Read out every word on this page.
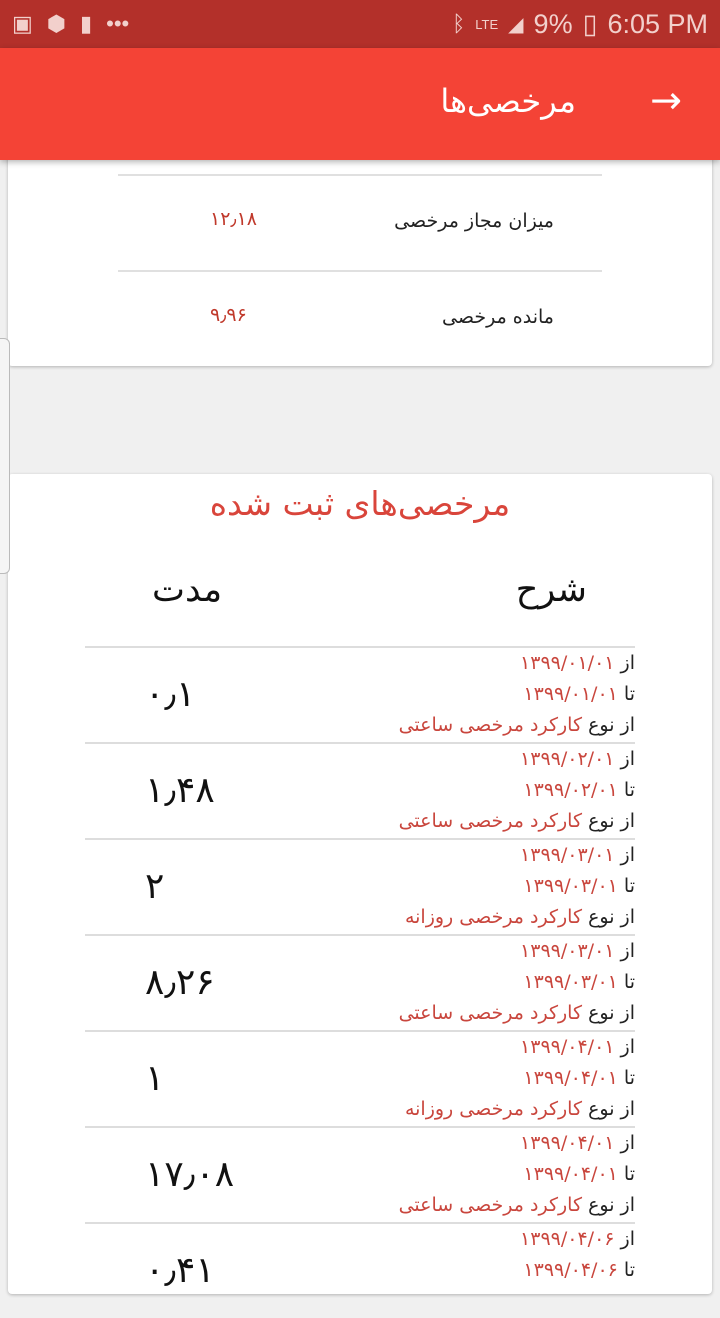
▣ ⬢ ▮ •••	ᛒ LTE ◢ 9% ▯ 6:05 PM
→
مرخصی‌ها
میزان مجاز مرخصی
۱۲٫۱۸
مانده مرخصی
۹٫۹۶
مرخصی‌های ثبت شده
شرح
مدت
۰٫۱
از ۱۳۹۹/۰۱/۰۱
تا ۱۳۹۹/۰۱/۰۱
از نوع کارکرد مرخصی ساعتی
۱٫۴۸
از ۱۳۹۹/۰۲/۰۱
تا ۱۳۹۹/۰۲/۰۱
از نوع کارکرد مرخصی ساعتی
۲
از ۱۳۹۹/۰۳/۰۱
تا ۱۳۹۹/۰۳/۰۱
از نوع کارکرد مرخصی روزانه
۸٫۲۶
از ۱۳۹۹/۰۳/۰۱
تا ۱۳۹۹/۰۳/۰۱
از نوع کارکرد مرخصی ساعتی
۱
از ۱۳۹۹/۰۴/۰۱
تا ۱۳۹۹/۰۴/۰۱
از نوع کارکرد مرخصی روزانه
۱۷٫۰۸
از ۱۳۹۹/۰۴/۰۱
تا ۱۳۹۹/۰۴/۰۱
از نوع کارکرد مرخصی ساعتی
۰٫۴۱
از ۱۳۹۹/۰۴/۰۶
تا ۱۳۹۹/۰۴/۰۶
